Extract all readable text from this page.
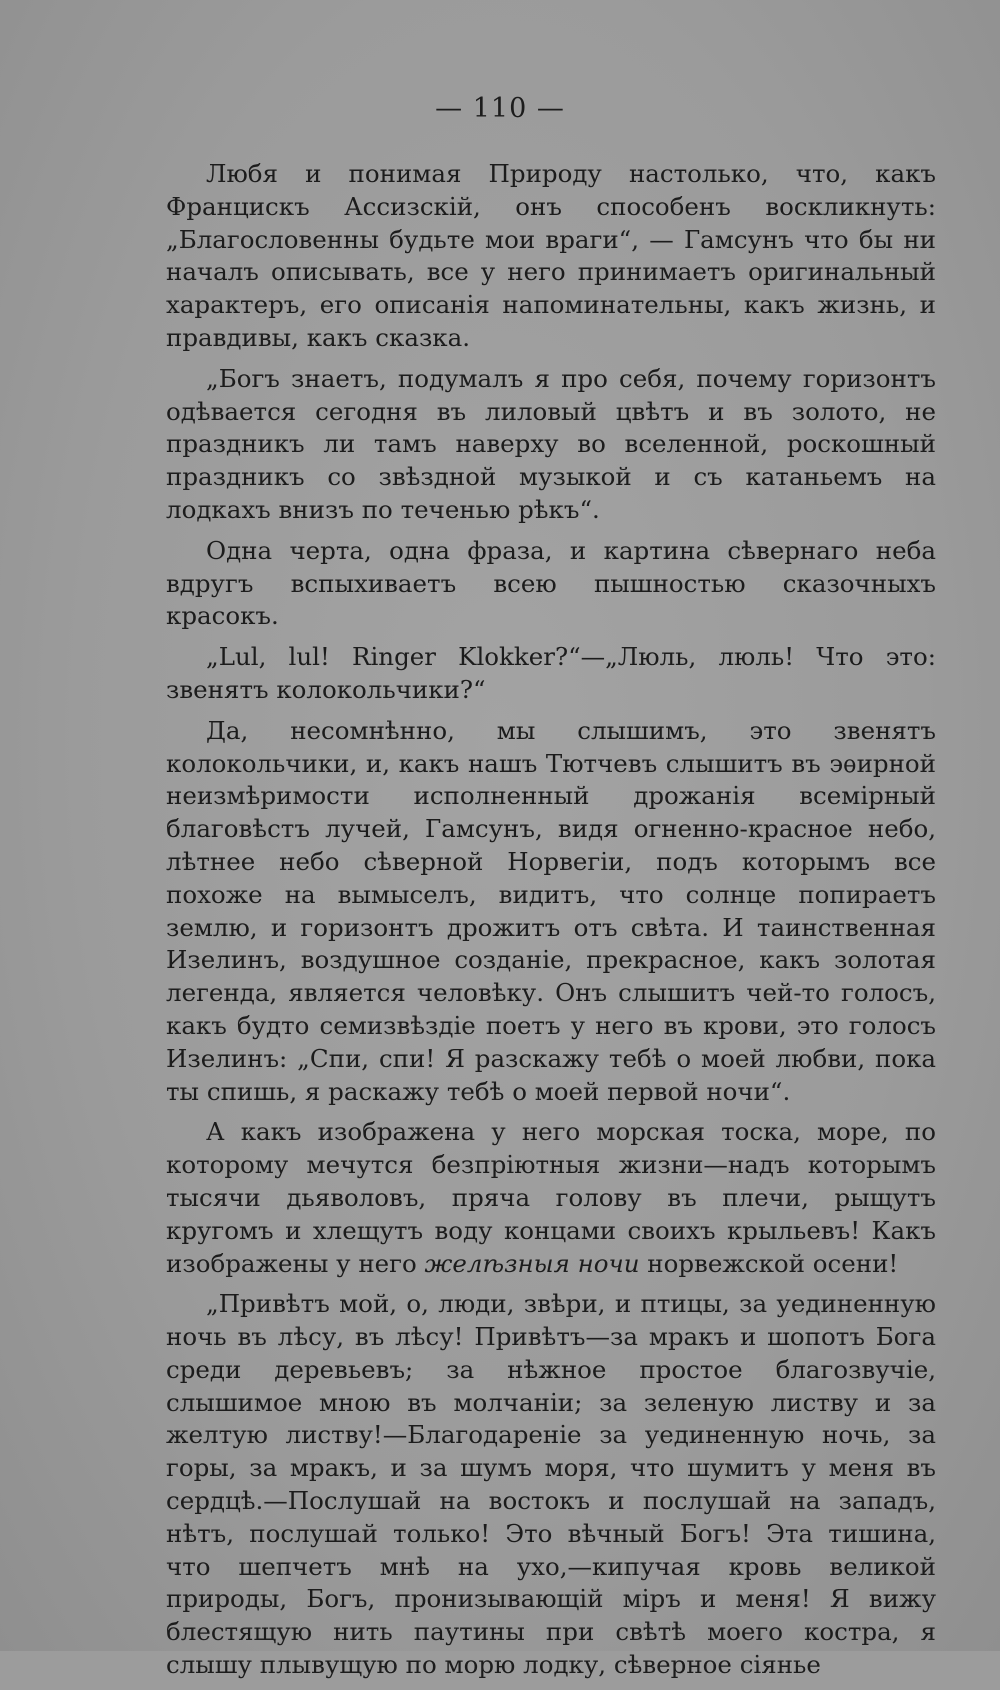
— 110 —

Любя и понимая Природу настолько, что, какъ Францискъ Ассизскій, онъ способенъ воскликнуть: „Благословенны будьте мои враги“, — Гамсунъ что бы ни началъ описывать, все у него принимаетъ оригинальный характеръ, его описанія напоминательны, какъ жизнь, и правдивы, какъ сказка.

„Богъ знаетъ, подумалъ я про себя, почему горизонтъ одѣвается сегодня въ лиловый цвѣтъ и въ золото, не праздникъ ли тамъ наверху во вселенной, роскошный праздникъ со звѣздной музыкой и съ катаньемъ на лодкахъ внизъ по теченью рѣкъ“.

Одна черта, одна фраза, и картина сѣвернаго неба вдругъ вспыхиваетъ всею пышностью сказочныхъ красокъ.

„Lul, lul! Ringer Klokker?“—„Люль, люль! Что это: звенятъ колокольчики?“

Да, несомнѣнно, мы слышимъ, это звенятъ колокольчики, и, какъ нашъ Тютчевъ слышитъ въ эѳирной неизмѣримости исполненный дрожанія всемірный благовѣстъ лучей, Гамсунъ, видя огненно-красное небо, лѣтнее небо сѣверной Норвегіи, подъ которымъ все похоже на вымыселъ, видитъ, что солнце попираетъ землю, и горизонтъ дрожитъ отъ свѣта. И таинственная Изелинъ, воздушное созданіе, прекрасное, какъ золотая легенда, является человѣку. Онъ слышитъ чей-то голосъ, какъ будто семизвѣздіе поетъ у него въ крови, это голосъ Изелинъ: „Спи, спи! Я разскажу тебѣ о моей любви, пока ты спишь, я раскажу тебѣ о моей первой ночи“.

А какъ изображена у него морская тоска, море, по которому мечутся безпріютныя жизни—надъ которымъ тысячи дьяволовъ, пряча голову въ плечи, рыщутъ кругомъ и хлещутъ воду концами своихъ крыльевъ! Какъ изображены у него желѣзныя ночи норвежской осени!

„Привѣтъ мой, о, люди, звѣри, и птицы, за уединенную ночь въ лѣсу, въ лѣсу! Привѣтъ—за мракъ и шопотъ Бога среди деревьевъ; за нѣжное простое благозвучіе, слышимое мною въ молчаніи; за зеленую листву и за желтую листву!—Благодареніе за уединенную ночь, за горы, за мракъ, и за шумъ моря, что шумитъ у меня въ сердцѣ.—Послушай на востокъ и послушай на западъ, нѣтъ, послушай только! Это вѣчный Богъ! Эта тишина, что шепчетъ мнѣ на ухо,—кипучая кровь великой природы, Богъ, пронизывающій міръ и меня! Я вижу блестящую нить паутины при свѣтѣ моего костра, я слышу плывущую по морю лодку, сѣверное сіянье
